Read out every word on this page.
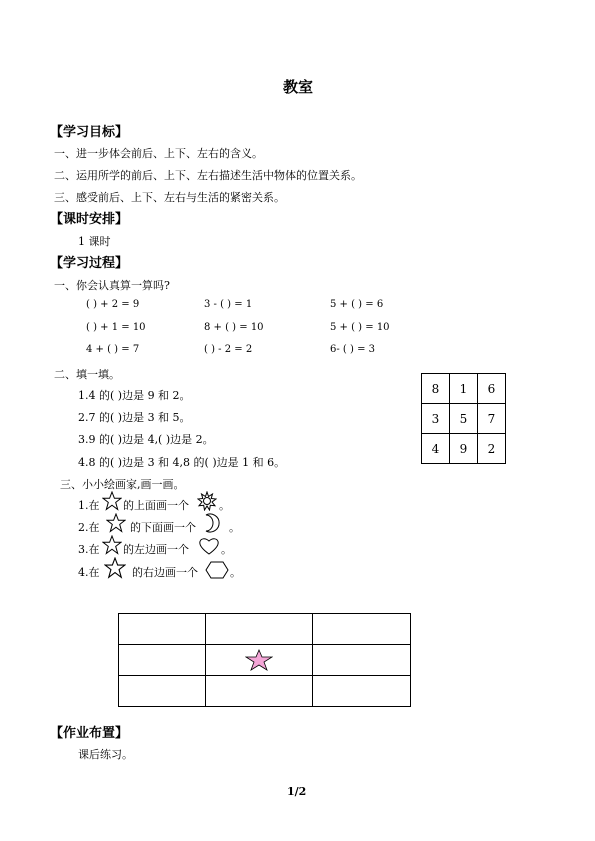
教室
【学习目标】
一、进一步体会前后、上下、左右的含义。
二、运用所学的前后、上下、左右描述生活中物体的位置关系。
三、感受前后、上下、左右与生活的紧密关系。
【课时安排】
1 课时
【学习过程】
一、你会认真算一算吗?
( ) + 2 = 9	3 - ( ) = 1	5 + ( ) = 6
( ) + 1 = 10	8 + ( ) = 10	5 + ( ) = 10
4 + ( ) = 7	( ) - 2 = 2	6- ( ) = 3
二、填一填。
1.4 的( )边是 9 和 2。
2.7 的( )边是 3 和 5。
3.9 的( )边是 4,( )边是 2。
4.8 的( )边是 3 和 4,8 的( )边是 1 和 6。
8	1	6
3	5	7
4	9	2
三、小小绘画家,画一画。
1.在 的上面画一个	。
2.在	的下面画一个	。
3.在 的左边画一个	。
4.在	的右边画一个	。

【作业布置】
课后练习。
1/2
